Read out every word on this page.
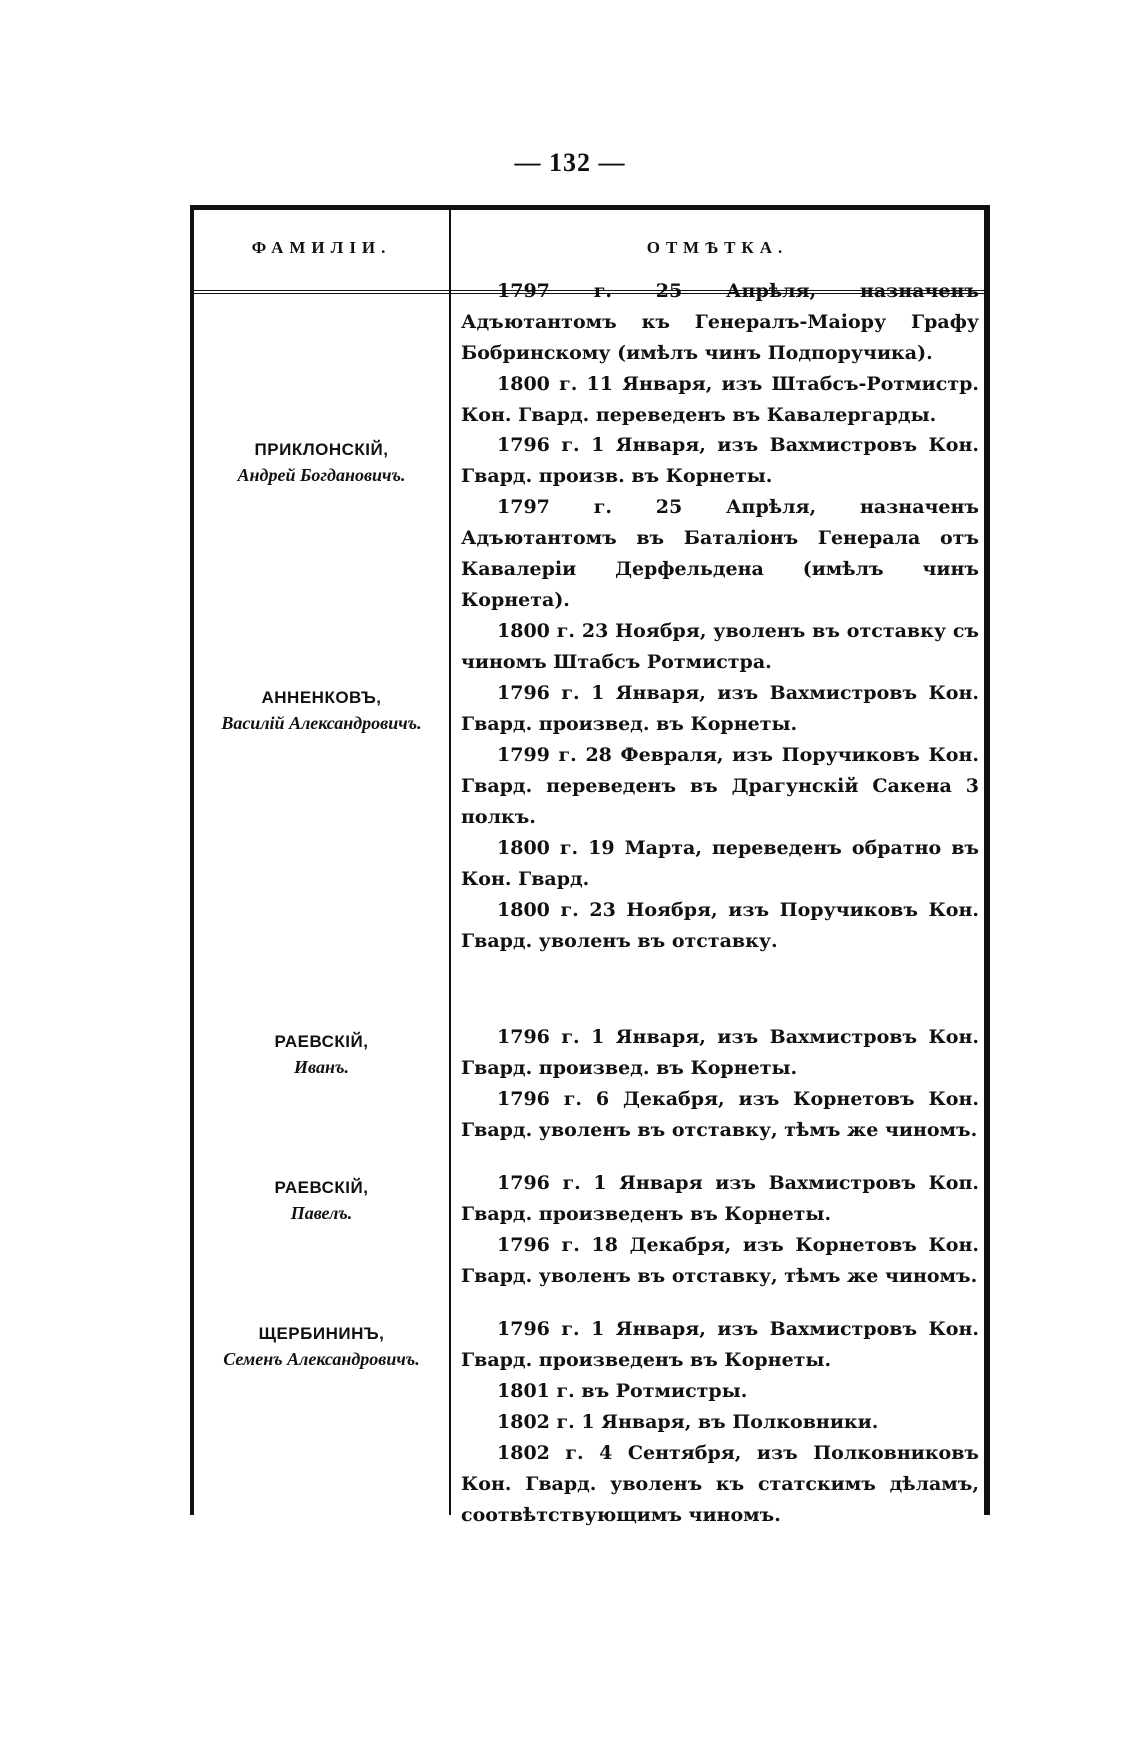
— 132 —
ФАМИЛІИ.	ОТМѢТКА.

1797 г. 25 Апрѣля, назначенъ Адъютантомъ къ Генералъ-Маіору Графу Бобринскому (имѣлъ чинъ Подпоручика).

1800 г. 11 Января, изъ Штабсъ-Ротмистр. Кон. Гвард. переведенъ въ Кавалергарды.

ПРИКЛОНСКІЙ,
Андрей Богдановичъ.

1796 г. 1 Января, изъ Вахмистровъ Кон. Гвард. произв. въ Корнеты.

1797 г. 25 Апрѣля, назначенъ Адъютантомъ въ Баталіонъ Генерала отъ Кавалеріи Дерфельдена (имѣлъ чинъ Корнета).

1800 г. 23 Ноября, уволенъ въ отставку съ чиномъ Штабсъ Ротмистра.

АННЕНКОВЪ,
Василій Александровичъ.

1796 г. 1 Января, изъ Вахмистровъ Кон. Гвард. произвед. въ Корнеты.

1799 г. 28 Февраля, изъ Поручиковъ Кон. Гвард. переведенъ въ Драгунскій Сакена 3 полкъ.

1800 г. 19 Марта, переведенъ обратно въ Кон. Гвард.

1800 г. 23 Ноября, изъ Поручиковъ Кон. Гвард. уволенъ въ отставку.

РАЕВСКІЙ,
Иванъ.

1796 г. 1 Января, изъ Вахмистровъ Кон. Гвард. произвед. въ Корнеты.

1796 г. 6 Декабря, изъ Корнетовъ Кон. Гвард. уволенъ въ отставку, тѣмъ же чиномъ.

РАЕВСКІЙ,
Павелъ.

1796 г. 1 Января изъ Вахмистровъ Коп. Гвард. произведенъ въ Корнеты.

1796 г. 18 Декабря, изъ Корнетовъ Кон. Гвард. уволенъ въ отставку, тѣмъ же чиномъ.

ЩЕРБИНИНЪ,
Семенъ Александровичъ.

1796 г. 1 Января, изъ Вахмистровъ Кон. Гвард. произведенъ въ Корнеты.

1801 г. въ Ротмистры.

1802 г. 1 Января, въ Полковники.

1802 г. 4 Сентября, изъ Полковниковъ Кон. Гвард. уволенъ къ статскимъ дѣламъ, соотвѣтствующимъ чиномъ.
